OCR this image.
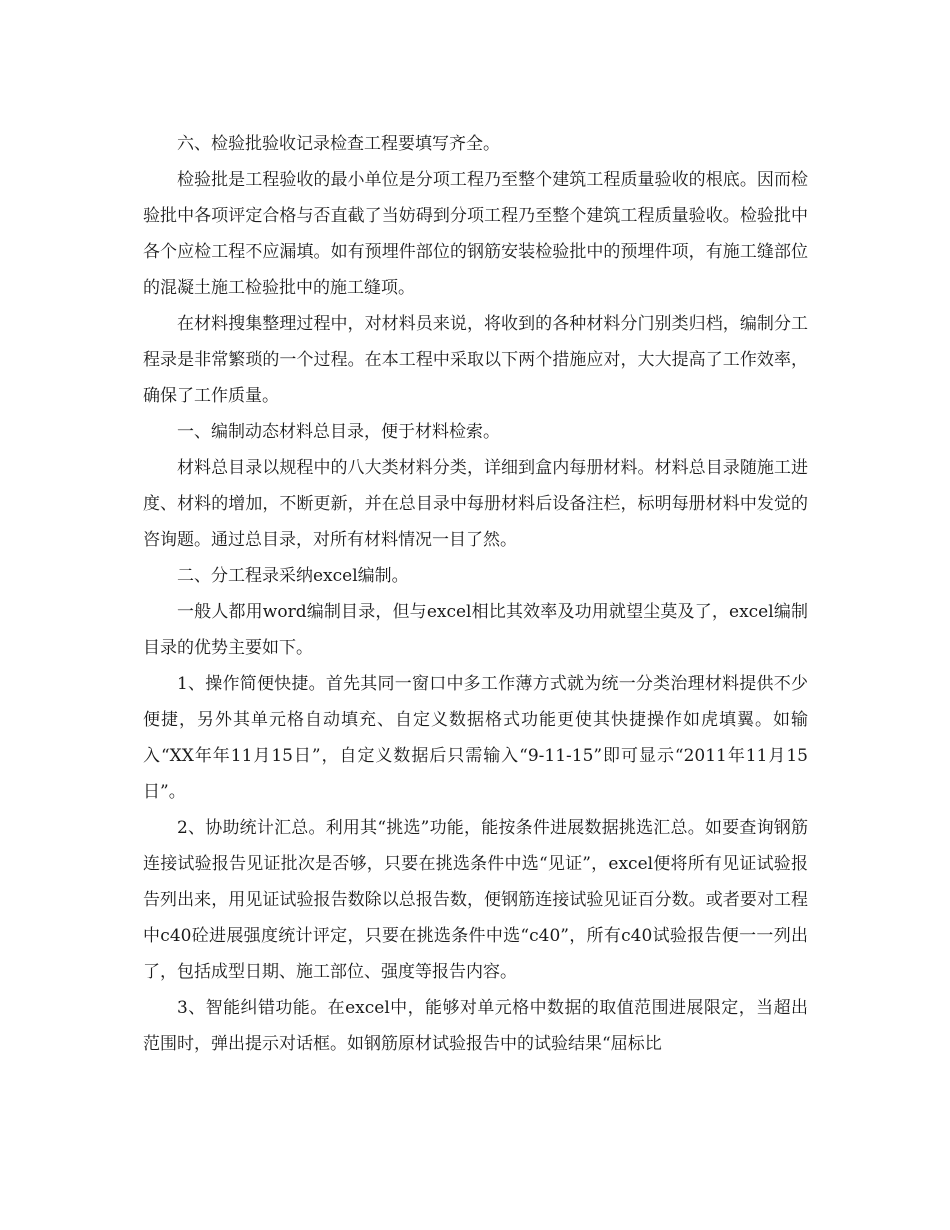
六、检验批验收记录检查工程要填写齐全。

检验批是工程验收的最小单位是分项工程乃至整个建筑工程质量验收的根底。因而检验批中各项评定合格与否直截了当妨碍到分项工程乃至整个建筑工程质量验收。检验批中各个应检工程不应漏填。如有预埋件部位的钢筋安装检验批中的预埋件项，有施工缝部位的混凝土施工检验批中的施工缝项。

在材料搜集整理过程中，对材料员来说，将收到的各种材料分门别类归档，编制分工程录是非常繁琐的一个过程。在本工程中采取以下两个措施应对，大大提高了工作效率，确保了工作质量。

一、编制动态材料总目录，便于材料检索。

材料总目录以规程中的八大类材料分类，详细到盒内每册材料。材料总目录随施工进度、材料的增加，不断更新，并在总目录中每册材料后设备注栏，标明每册材料中发觉的咨询题。通过总目录，对所有材料情况一目了然。

二、分工程录采纳excel编制。

一般人都用word编制目录，但与excel相比其效率及功用就望尘莫及了，excel编制目录的优势主要如下。

1、操作简便快捷。首先其同一窗口中多工作薄方式就为统一分类治理材料提供不少便捷，另外其单元格自动填充、自定义数据格式功能更使其快捷操作如虎填翼。如输入“XX年年11月15日”，自定义数据后只需输入“9-11-15”即可显示“2011年11月15日”。

2、协助统计汇总。利用其“挑选”功能，能按条件进展数据挑选汇总。如要查询钢筋连接试验报告见证批次是否够，只要在挑选条件中选“见证”，excel便将所有见证试验报告列出来，用见证试验报告数除以总报告数，便钢筋连接试验见证百分数。或者要对工程中c40砼进展强度统计评定，只要在挑选条件中选“c40”，所有c40试验报告便一一列出了，包括成型日期、施工部位、强度等报告内容。

3、智能纠错功能。在excel中，能够对单元格中数据的取值范围进展限定，当超出范围时，弹出提示对话框。如钢筋原材试验报告中的试验结果“屈标比
